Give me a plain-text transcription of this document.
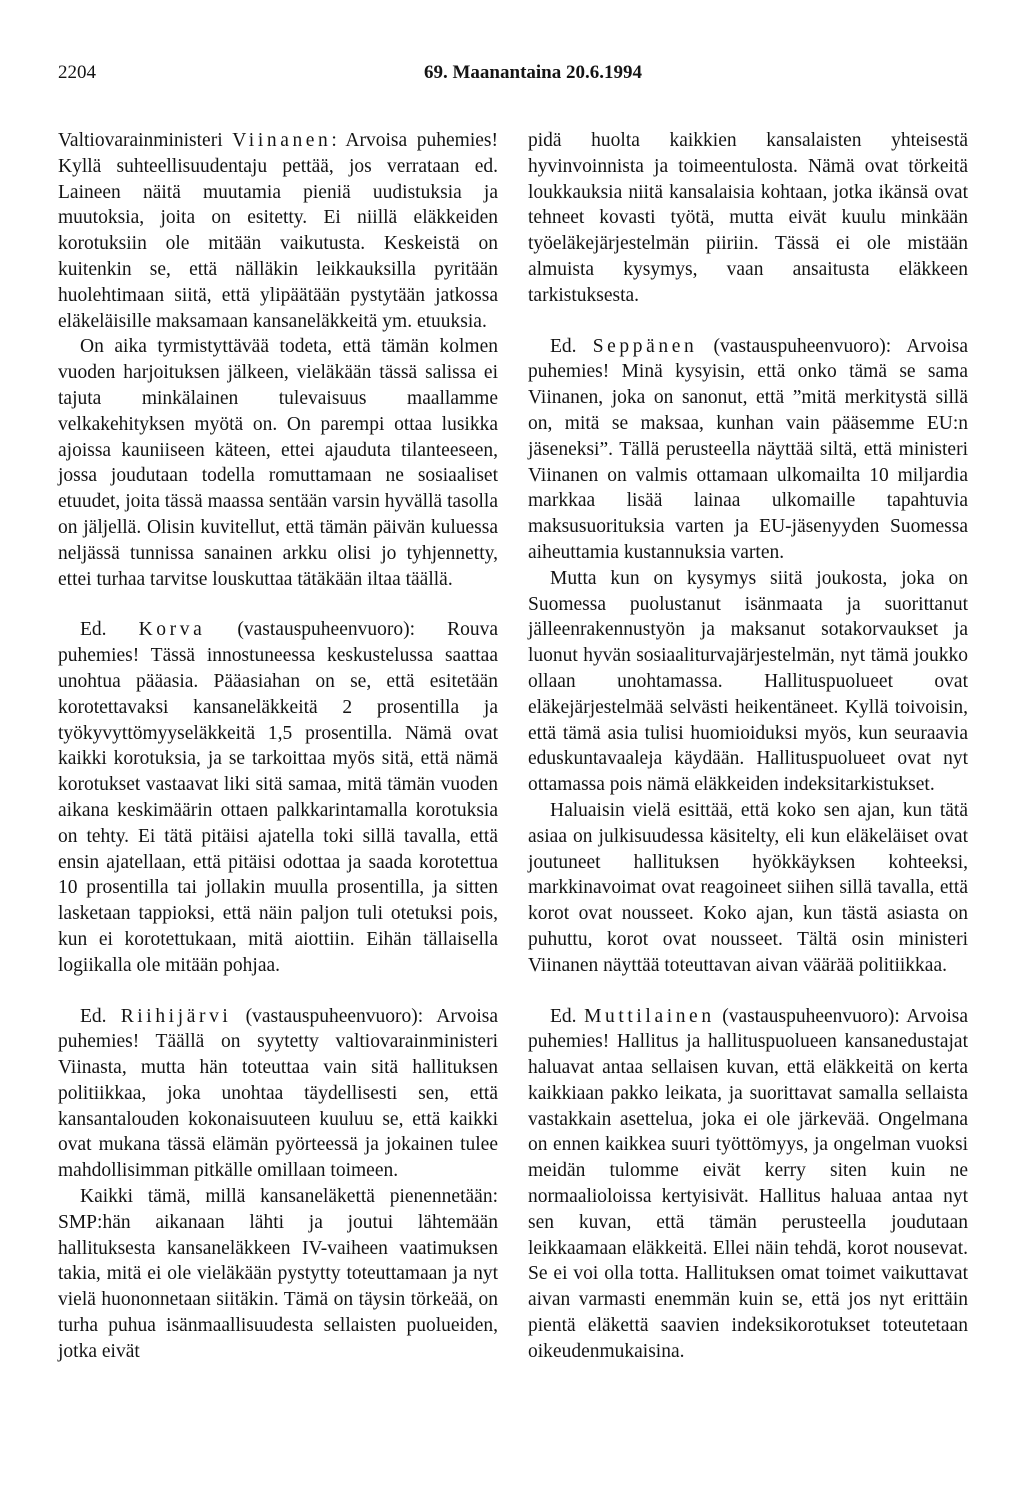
2204	69. Maanantaina 20.6.1994

Valtiovarainministeri Viinanen: Arvoisa puhemies! Kyllä suhteellisuudentaju pettää, jos verrataan ed. Laineen näitä muutamia pieniä uudistuksia ja muutoksia, joita on esitetty. Ei niillä eläkkeiden korotuksiin ole mitään vaikutusta. Keskeistä on kuitenkin se, että nälläkin leikkauksilla pyritään huolehtimaan siitä, että ylipäätään pystytään jatkossa eläkeläisille maksamaan kansaneläkkeitä ym. etuuksia.

On aika tyrmistyttävää todeta, että tämän kolmen vuoden harjoituksen jälkeen, vieläkään tässä salissa ei tajuta minkälainen tulevaisuus maallamme velkakehityksen myötä on. On parempi ottaa lusikka ajoissa kauniiseen käteen, ettei ajauduta tilanteeseen, jossa joudutaan todella romuttamaan ne sosiaaliset etuudet, joita tässä maassa sentään varsin hyvällä tasolla on jäljellä. Olisin kuvitellut, että tämän päivän kuluessa neljässä tunnissa sanainen arkku olisi jo tyhjennetty, ettei turhaa tarvitse louskuttaa tätäkään iltaa täällä.

Ed. Korva (vastauspuheenvuoro): Rouva puhemies! Tässä innostuneessa keskustelussa saattaa unohtua pääasia. Pääasiahan on se, että esitetään korotettavaksi kansaneläkkeitä 2 prosentilla ja työkyvyttömyyseläkkeitä 1,5 prosentilla. Nämä ovat kaikki korotuksia, ja se tarkoittaa myös sitä, että nämä korotukset vastaavat liki sitä samaa, mitä tämän vuoden aikana keskimäärin ottaen palkkarintamalla korotuksia on tehty. Ei tätä pitäisi ajatella toki sillä tavalla, että ensin ajatellaan, että pitäisi odottaa ja saada korotettua 10 prosentilla tai jollakin muulla prosentilla, ja sitten lasketaan tappioksi, että näin paljon tuli otetuksi pois, kun ei korotettukaan, mitä aiottiin. Eihän tällaisella logiikalla ole mitään pohjaa.

Ed. Riihijärvi (vastauspuheenvuoro): Arvoisa puhemies! Täällä on syytetty valtiovarainministeri Viinasta, mutta hän toteuttaa vain sitä hallituksen politiikkaa, joka unohtaa täydellisesti sen, että kansantalouden kokonaisuuteen kuuluu se, että kaikki ovat mukana tässä elämän pyörteessä ja jokainen tulee mahdollisimman pitkälle omillaan toimeen.

Kaikki tämä, millä kansaneläkettä pienennetään: SMP:hän aikanaan lähti ja joutui lähtemään hallituksesta kansaneläkkeen IV-vaiheen vaatimuksen takia, mitä ei ole vieläkään pystytty toteuttamaan ja nyt vielä huononnetaan siitäkin. Tämä on täysin törkeää, on turha puhua isänmaallisuudesta sellaisten puolueiden, jotka eivät

pidä huolta kaikkien kansalaisten yhteisestä hyvinvoinnista ja toimeentulosta. Nämä ovat törkeitä loukkauksia niitä kansalaisia kohtaan, jotka ikänsä ovat tehneet kovasti työtä, mutta eivät kuulu minkään työeläkejärjestelmän piiriin. Tässä ei ole mistään almuista kysymys, vaan ansaitusta eläkkeen tarkistuksesta.

Ed. Seppänen (vastauspuheenvuoro): Arvoisa puhemies! Minä kysyisin, että onko tämä se sama Viinanen, joka on sanonut, että ”mitä merkitystä sillä on, mitä se maksaa, kunhan vain pääsemme EU:n jäseneksi”. Tällä perusteella näyttää siltä, että ministeri Viinanen on valmis ottamaan ulkomailta 10 miljardia markkaa lisää lainaa ulkomaille tapahtuvia maksusuorituksia varten ja EU-jäsenyyden Suomessa aiheuttamia kustannuksia varten.

Mutta kun on kysymys siitä joukosta, joka on Suomessa puolustanut isänmaata ja suorittanut jälleenrakennustyön ja maksanut sotakorvaukset ja luonut hyvän sosiaaliturvajärjestelmän, nyt tämä joukko ollaan unohtamassa. Hallituspuolueet ovat eläkejärjestelmää selvästi heikentäneet. Kyllä toivoisin, että tämä asia tulisi huomioiduksi myös, kun seuraavia eduskuntavaaleja käydään. Hallituspuolueet ovat nyt ottamassa pois nämä eläkkeiden indeksitarkistukset.

Haluaisin vielä esittää, että koko sen ajan, kun tätä asiaa on julkisuudessa käsitelty, eli kun eläkeläiset ovat joutuneet hallituksen hyökkäyksen kohteeksi, markkinavoimat ovat reagoineet siihen sillä tavalla, että korot ovat nousseet. Koko ajan, kun tästä asiasta on puhuttu, korot ovat nousseet. Tältä osin ministeri Viinanen näyttää toteuttavan aivan väärää politiikkaa.

Ed. Muttilainen (vastauspuheenvuoro): Arvoisa puhemies! Hallitus ja hallituspuolueen kansanedustajat haluavat antaa sellaisen kuvan, että eläkkeitä on kerta kaikkiaan pakko leikata, ja suorittavat samalla sellaista vastakkain asettelua, joka ei ole järkevää. Ongelmana on ennen kaikkea suuri työttömyys, ja ongelman vuoksi meidän tulomme eivät kerry siten kuin ne normaalioloissa kertyisivät. Hallitus haluaa antaa nyt sen kuvan, että tämän perusteella joudutaan leikkaamaan eläkkeitä. Ellei näin tehdä, korot nousevat. Se ei voi olla totta. Hallituksen omat toimet vaikuttavat aivan varmasti enemmän kuin se, että jos nyt erittäin pientä eläkettä saavien indeksikorotukset toteutetaan oikeudenmukaisina.
